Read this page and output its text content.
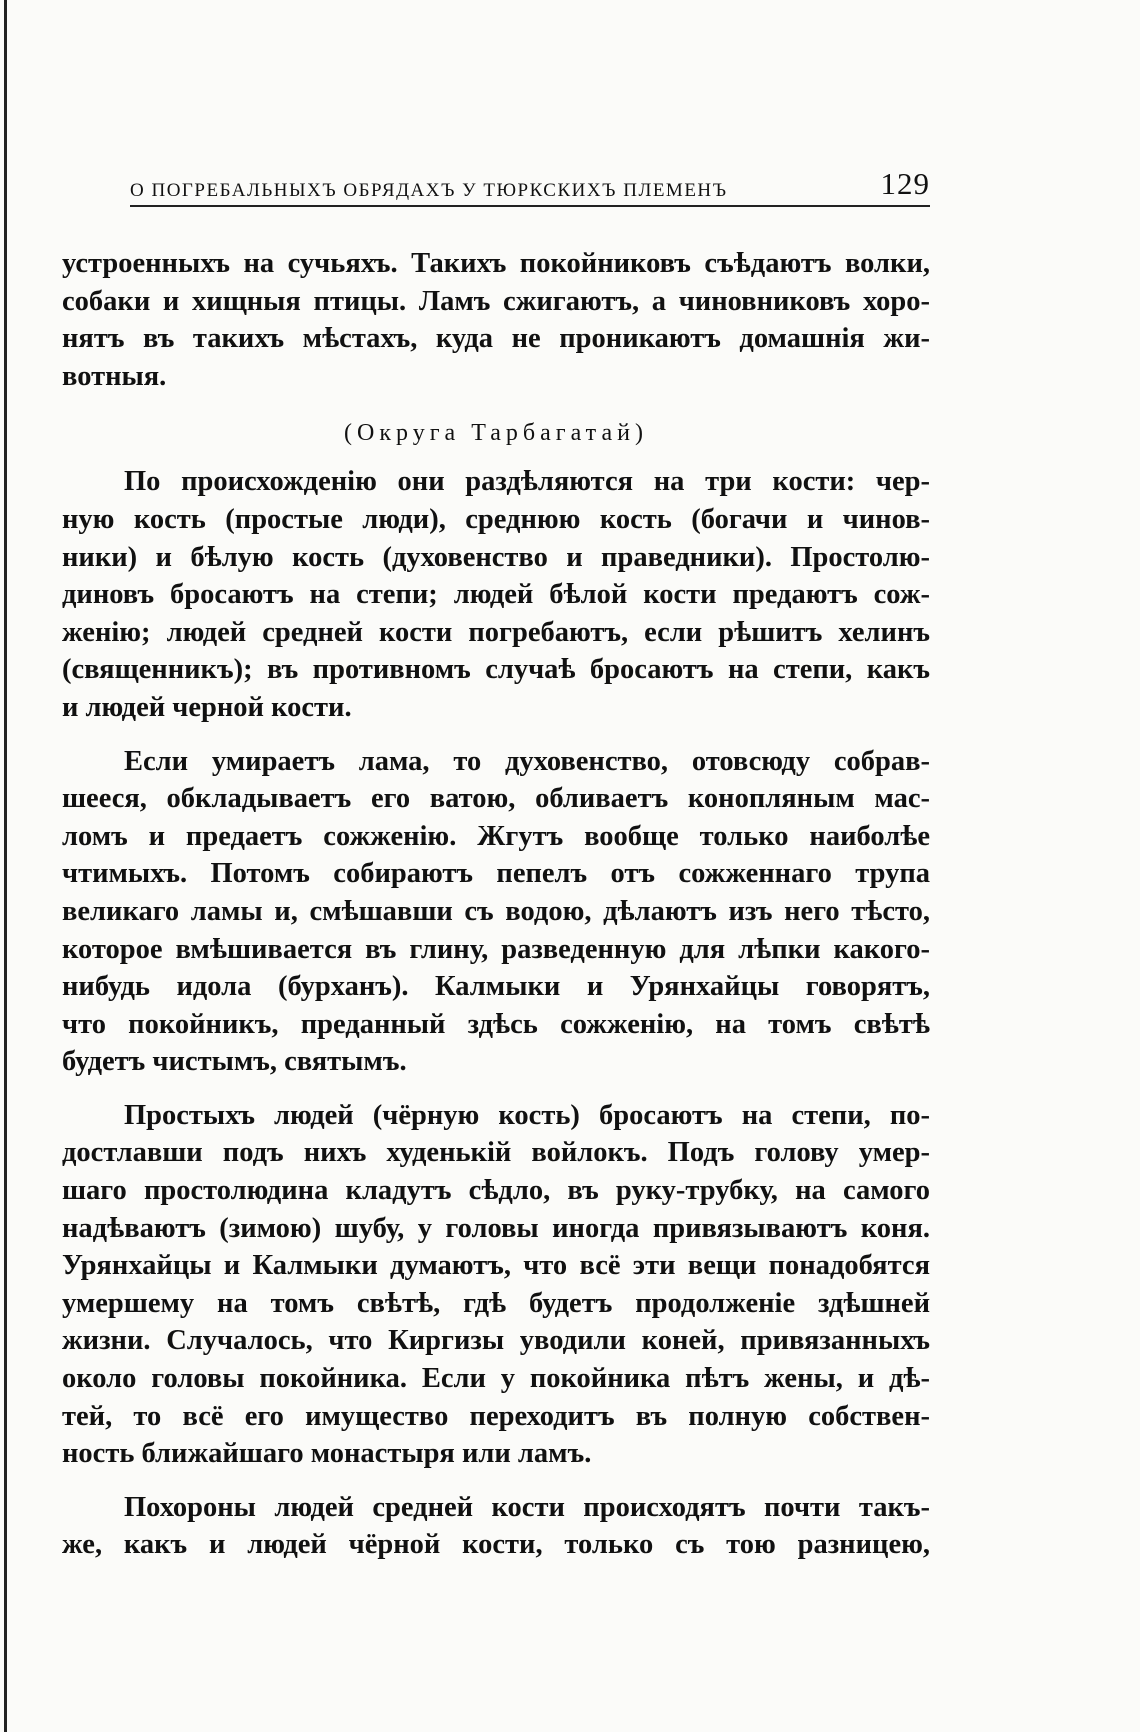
О ПОГРЕБАЛЬНЫХЪ ОБРЯДАХЪ У ТЮРКСКИХЪ ПЛЕМЕНЪ	129
устроенныхъ на сучьяхъ. Такихъ покойниковъ съѣдаютъ волки,
собаки и хищныя птицы. Ламъ сжигаютъ, а чиновниковъ хоро-
нятъ въ такихъ мѣстахъ, куда не проникаютъ домашнія жи-
вотныя.
(Округа Тарбагатай)
По происхожденію они раздѣляются на три кости: чер-
ную кость (простые люди), среднюю кость (богачи и чинов-
ники) и бѣлую кость (духовенство и праведники). Простолю-
диновъ бросаютъ на степи; людей бѣлой кости предаютъ сож-
женію; людей средней кости погребаютъ, если рѣшитъ хелинъ
(священникъ); въ противномъ случаѣ бросаютъ на степи, какъ
и людей черной кости.
Если умираетъ лама, то духовенство, отовсюду собрав-
шееся, обкладываетъ его ватою, обливаетъ конопляным маc-
ломъ и предаетъ сожженію. Жгутъ вообще только наиболѣе
чтимыхъ. Потомъ собираютъ пепелъ отъ сожженнаго трупа
великаго ламы и, смѣшавши съ водою, дѣлаютъ изъ него тѣсто,
которое вмѣшивается въ глину, разведенную для лѣпки какого-
нибудь идола (бурханъ). Калмыки и Урянхайцы говорятъ,
что покойникъ, преданный здѣсь сожженію, на томъ свѣтѣ
будетъ чистымъ, святымъ.
Простыхъ людей (чёрную кость) бросаютъ на степи, по-
достлавши подъ нихъ худенькій войлокъ. Подъ голову умер-
шаго простолюдина кладутъ сѣдло, въ руку-трубку, на самого
надѣваютъ (зимою) шубу, у головы иногда привязываютъ коня.
Урянхайцы и Калмыки думаютъ, что всё эти вещи понадобятся
умершему на томъ свѣтѣ, гдѣ будетъ продолженіе здѣшней
жизни. Случалось, что Киргизы уводили коней, привязанныхъ
около головы покойника. Если у покойника пѣтъ жены, и дѣ-
тей, то всё его имущество переходитъ въ полную собствен-
ность ближайшаго монастыря или ламъ.
Похороны людей средней кости происходятъ почти такъ-
же, какъ и людей чёрной кости, только съ тою разницею,
